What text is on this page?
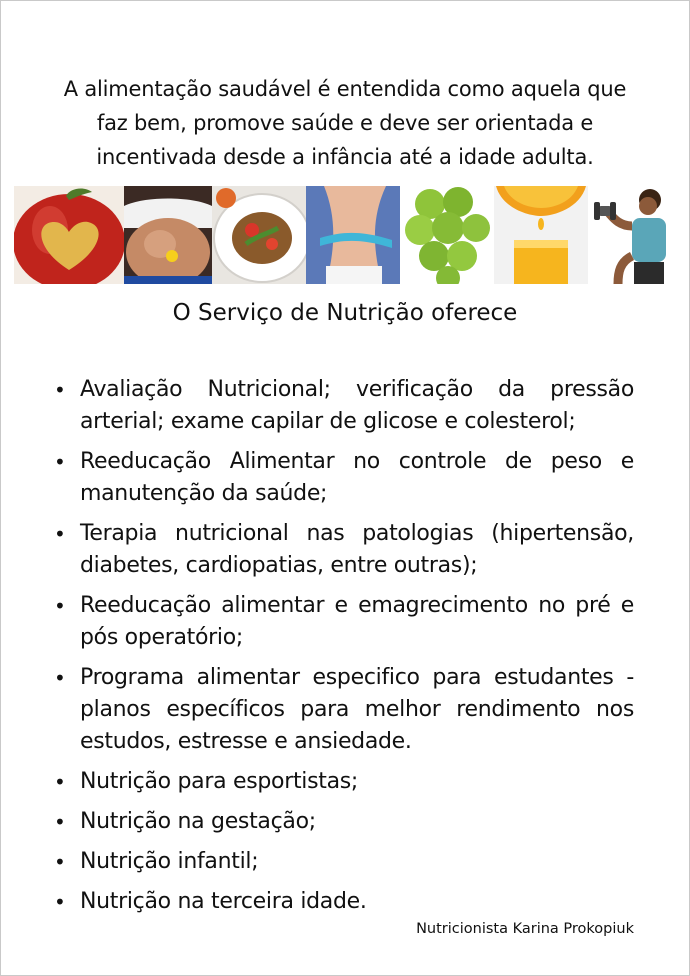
A alimentação saudável é entendida como aquela que faz bem, promove saúde e deve ser orientada e incentivada desde a infância até a idade adulta.
O Serviço de Nutrição oferece
• Avaliação Nutricional; verificação da pressão arterial; exame capilar de glicose e colesterol;
• Reeducação Alimentar no controle de peso e manutenção da saúde;
• Terapia nutricional nas patologias (hipertensão, diabetes, cardiopatias, entre outras);
• Reeducação alimentar e emagrecimento no pré e pós operatório;
• Programa alimentar especifico para estudantes - planos específicos para melhor rendimento nos estudos, estresse e ansiedade.
• Nutrição para esportistas;
• Nutrição na gestação;
• Nutrição infantil;
• Nutrição na terceira idade.
Nutricionista Karina Prokopiuk
